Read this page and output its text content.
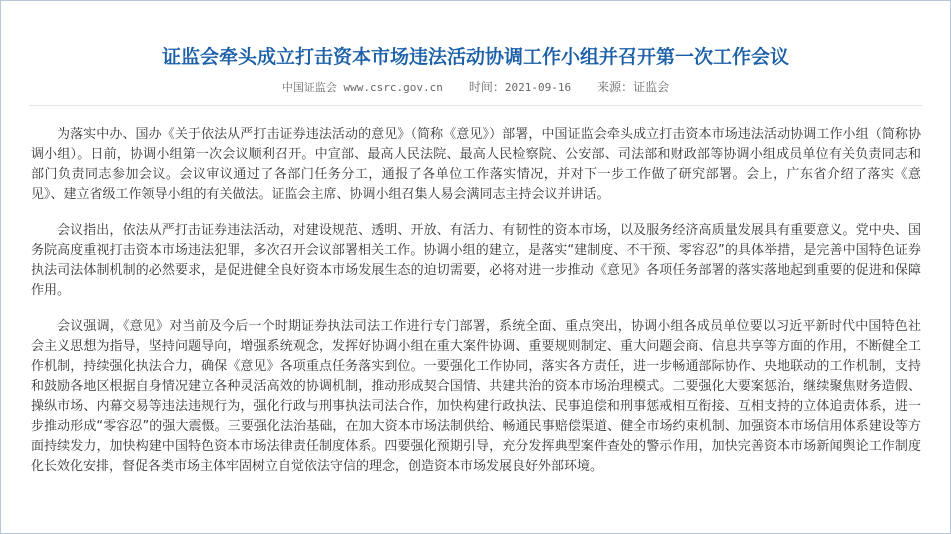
证监会牵头成立打击资本市场违法活动协调工作小组并召开第一次工作会议
中国证监会 www.csrc.gov.cn 时间：2021-09-16 来源：证监会

为落实中办、国办《关于依法从严打击证券违法活动的意见》（简称《意见》）部署，中国证监会牵头成立打击资本市场违法活动协调工作小组（简称协调小组）。日前，协调小组第一次会议顺利召开。中宣部、最高人民法院、最高人民检察院、公安部、司法部和财政部等协调小组成员单位有关负责同志和部门负责同志参加会议。会议审议通过了各部门任务分工，通报了各单位工作落实情况，并对下一步工作做了研究部署。会上，广东省介绍了落实《意见》、建立省级工作领导小组的有关做法。证监会主席、协调小组召集人易会满同志主持会议并讲话。

会议指出，依法从严打击证券违法活动，对建设规范、透明、开放、有活力、有韧性的资本市场，以及服务经济高质量发展具有重要意义。党中央、国务院高度重视打击资本市场违法犯罪，多次召开会议部署相关工作。协调小组的建立，是落实“建制度、不干预、零容忍”的具体举措，是完善中国特色证券执法司法体制机制的必然要求，是促进健全良好资本市场发展生态的迫切需要，必将对进一步推动《意见》各项任务部署的落实落地起到重要的促进和保障作用。

会议强调，《意见》对当前及今后一个时期证券执法司法工作进行专门部署，系统全面、重点突出，协调小组各成员单位要以习近平新时代中国特色社会主义思想为指导，坚持问题导向，增强系统观念，发挥好协调小组在重大案件协调、重要规则制定、重大问题会商、信息共享等方面的作用，不断健全工作机制，持续强化执法合力，确保《意见》各项重点任务落实到位。一要强化工作协同，落实各方责任，进一步畅通部际协作、央地联动的工作机制，支持和鼓励各地区根据自身情况建立各种灵活高效的协调机制，推动形成契合国情、共建共治的资本市场治理模式。二要强化大要案惩治，继续聚焦财务造假、操纵市场、内幕交易等违法违规行为，强化行政与刑事执法司法合作，加快构建行政执法、民事追偿和刑事惩戒相互衔接、互相支持的立体追责体系，进一步推动形成“零容忍”的强大震慑。三要强化法治基础，在加大资本市场法制供给、畅通民事赔偿渠道、健全市场约束机制、加强资本市场信用体系建设等方面持续发力，加快构建中国特色资本市场法律责任制度体系。四要强化预期引导，充分发挥典型案件查处的警示作用，加快完善资本市场新闻舆论工作制度化长效化安排，督促各类市场主体牢固树立自觉依法守信的理念，创造资本市场发展良好外部环境。
